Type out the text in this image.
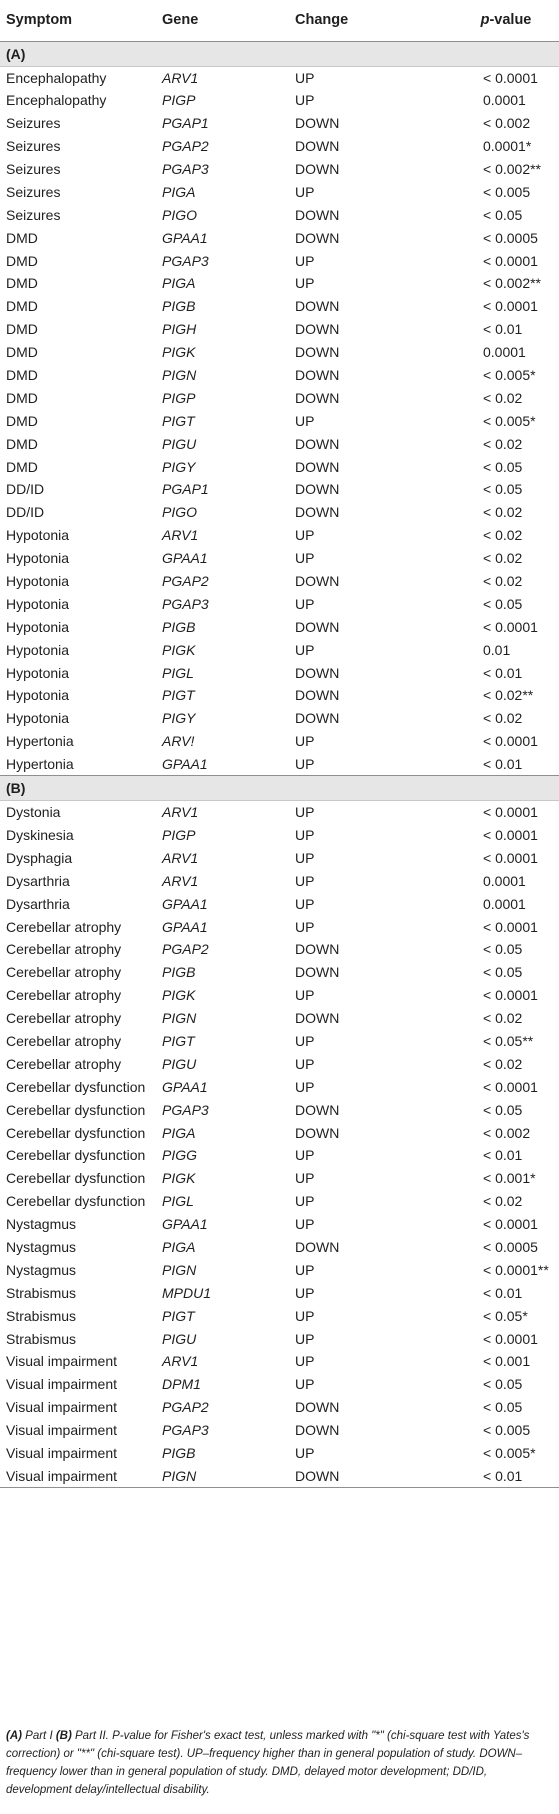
Symptom	Gene	Change	p-value
(A)			
Encephalopathy	ARV1	UP	< 0.0001
Encephalopathy	PIGP	UP	0.0001
Seizures	PGAP1	DOWN	< 0.002
Seizures	PGAP2	DOWN	0.0001*
Seizures	PGAP3	DOWN	< 0.002**
Seizures	PIGA	UP	< 0.005
Seizures	PIGO	DOWN	< 0.05
DMD	GPAA1	DOWN	< 0.0005
DMD	PGAP3	UP	< 0.0001
DMD	PIGA	UP	< 0.002**
DMD	PIGB	DOWN	< 0.0001
DMD	PIGH	DOWN	< 0.01
DMD	PIGK	DOWN	0.0001
DMD	PIGN	DOWN	< 0.005*
DMD	PIGP	DOWN	< 0.02
DMD	PIGT	UP	< 0.005*
DMD	PIGU	DOWN	< 0.02
DMD	PIGY	DOWN	< 0.05
DD/ID	PGAP1	DOWN	< 0.05
DD/ID	PIGO	DOWN	< 0.02
Hypotonia	ARV1	UP	< 0.02
Hypotonia	GPAA1	UP	< 0.02
Hypotonia	PGAP2	DOWN	< 0.02
Hypotonia	PGAP3	UP	< 0.05
Hypotonia	PIGB	DOWN	< 0.0001
Hypotonia	PIGK	UP	0.01
Hypotonia	PIGL	DOWN	< 0.01
Hypotonia	PIGT	DOWN	< 0.02**
Hypotonia	PIGY	DOWN	< 0.02
Hypertonia	ARV!	UP	< 0.0001
Hypertonia	GPAA1	UP	< 0.01
(B)			
Dystonia	ARV1	UP	< 0.0001
Dyskinesia	PIGP	UP	< 0.0001
Dysphagia	ARV1	UP	< 0.0001
Dysarthria	ARV1	UP	0.0001
Dysarthria	GPAA1	UP	0.0001
Cerebellar atrophy	GPAA1	UP	< 0.0001
Cerebellar atrophy	PGAP2	DOWN	< 0.05
Cerebellar atrophy	PIGB	DOWN	< 0.05
Cerebellar atrophy	PIGK	UP	< 0.0001
Cerebellar atrophy	PIGN	DOWN	< 0.02
Cerebellar atrophy	PIGT	UP	< 0.05**
Cerebellar atrophy	PIGU	UP	< 0.02
Cerebellar dysfunction	GPAA1	UP	< 0.0001
Cerebellar dysfunction	PGAP3	DOWN	< 0.05
Cerebellar dysfunction	PIGA	DOWN	< 0.002
Cerebellar dysfunction	PIGG	UP	< 0.01
Cerebellar dysfunction	PIGK	UP	< 0.001*
Cerebellar dysfunction	PIGL	UP	< 0.02
Nystagmus	GPAA1	UP	< 0.0001
Nystagmus	PIGA	DOWN	< 0.0005
Nystagmus	PIGN	UP	< 0.0001**
Strabismus	MPDU1	UP	< 0.01
Strabismus	PIGT	UP	< 0.05*
Strabismus	PIGU	UP	< 0.0001
Visual impairment	ARV1	UP	< 0.001
Visual impairment	DPM1	UP	< 0.05
Visual impairment	PGAP2	DOWN	< 0.05
Visual impairment	PGAP3	DOWN	< 0.005
Visual impairment	PIGB	UP	< 0.005*
Visual impairment	PIGN	DOWN	< 0.01
(A) Part I (B) Part II. P-value for Fisher's exact test, unless marked with "*" (chi-square test with Yates's correction) or "**" (chi-square test). UP–frequency higher than in general population of study. DOWN–frequency lower than in general population of study. DMD, delayed motor development; DD/ID, development delay/intellectual disability.
